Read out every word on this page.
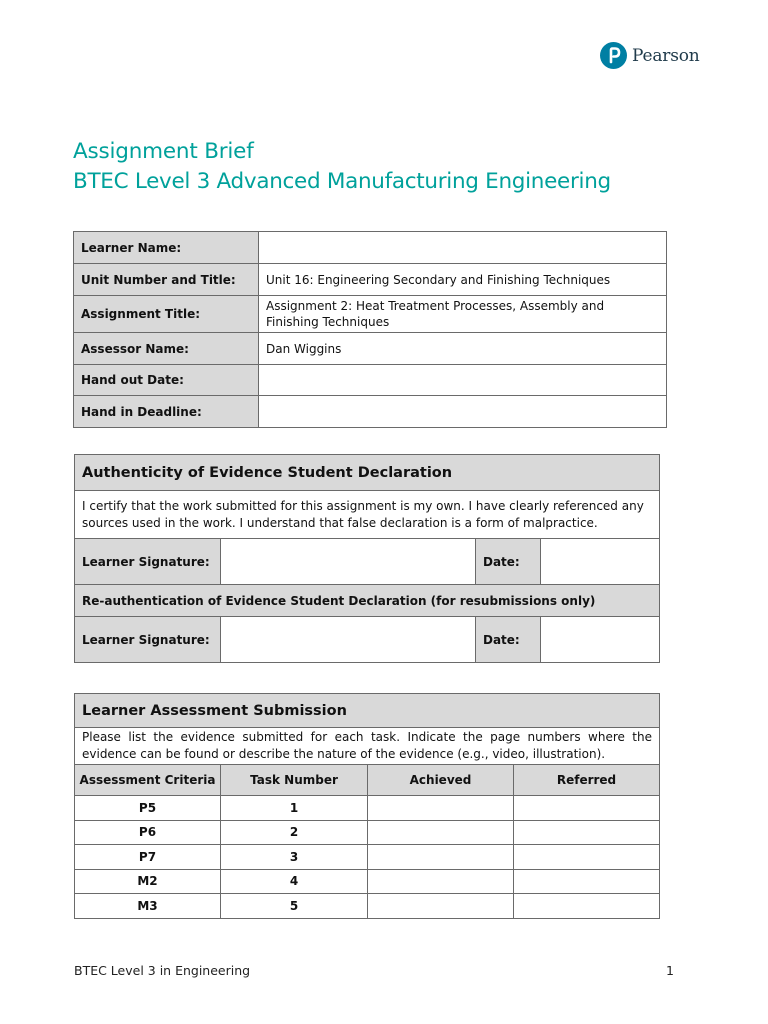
Pearson
Assignment Brief
BTEC Level 3 Advanced Manufacturing Engineering
Learner Name:	
Unit Number and Title:	Unit 16: Engineering Secondary and Finishing Techniques
Assignment Title:	Assignment 2: Heat Treatment Processes, Assembly and Finishing Techniques
Assessor Name:	Dan Wiggins
Hand out Date:	
Hand in Deadline:	
Authenticity of Evidence Student Declaration			
I certify that the work submitted for this assignment is my own. I have clearly referenced any sources used in the work. I understand that false declaration is a form of malpractice.			
Learner Signature:		Date:	
Re-authentication of Evidence Student Declaration (for resubmissions only)			
Learner Signature:		Date:	
Learner Assessment Submission			

Please list the evidence submitted for each task. Indicate the page numbers where the
evidence can be found or describe the nature of the evidence (e.g., video, illustration).			

Assessment Criteria	Task Number	Achieved	Referred
P5	1		
P6	2		
P7	3		
M2	4		
M3	5		
BTEC Level 3 in Engineering	1
